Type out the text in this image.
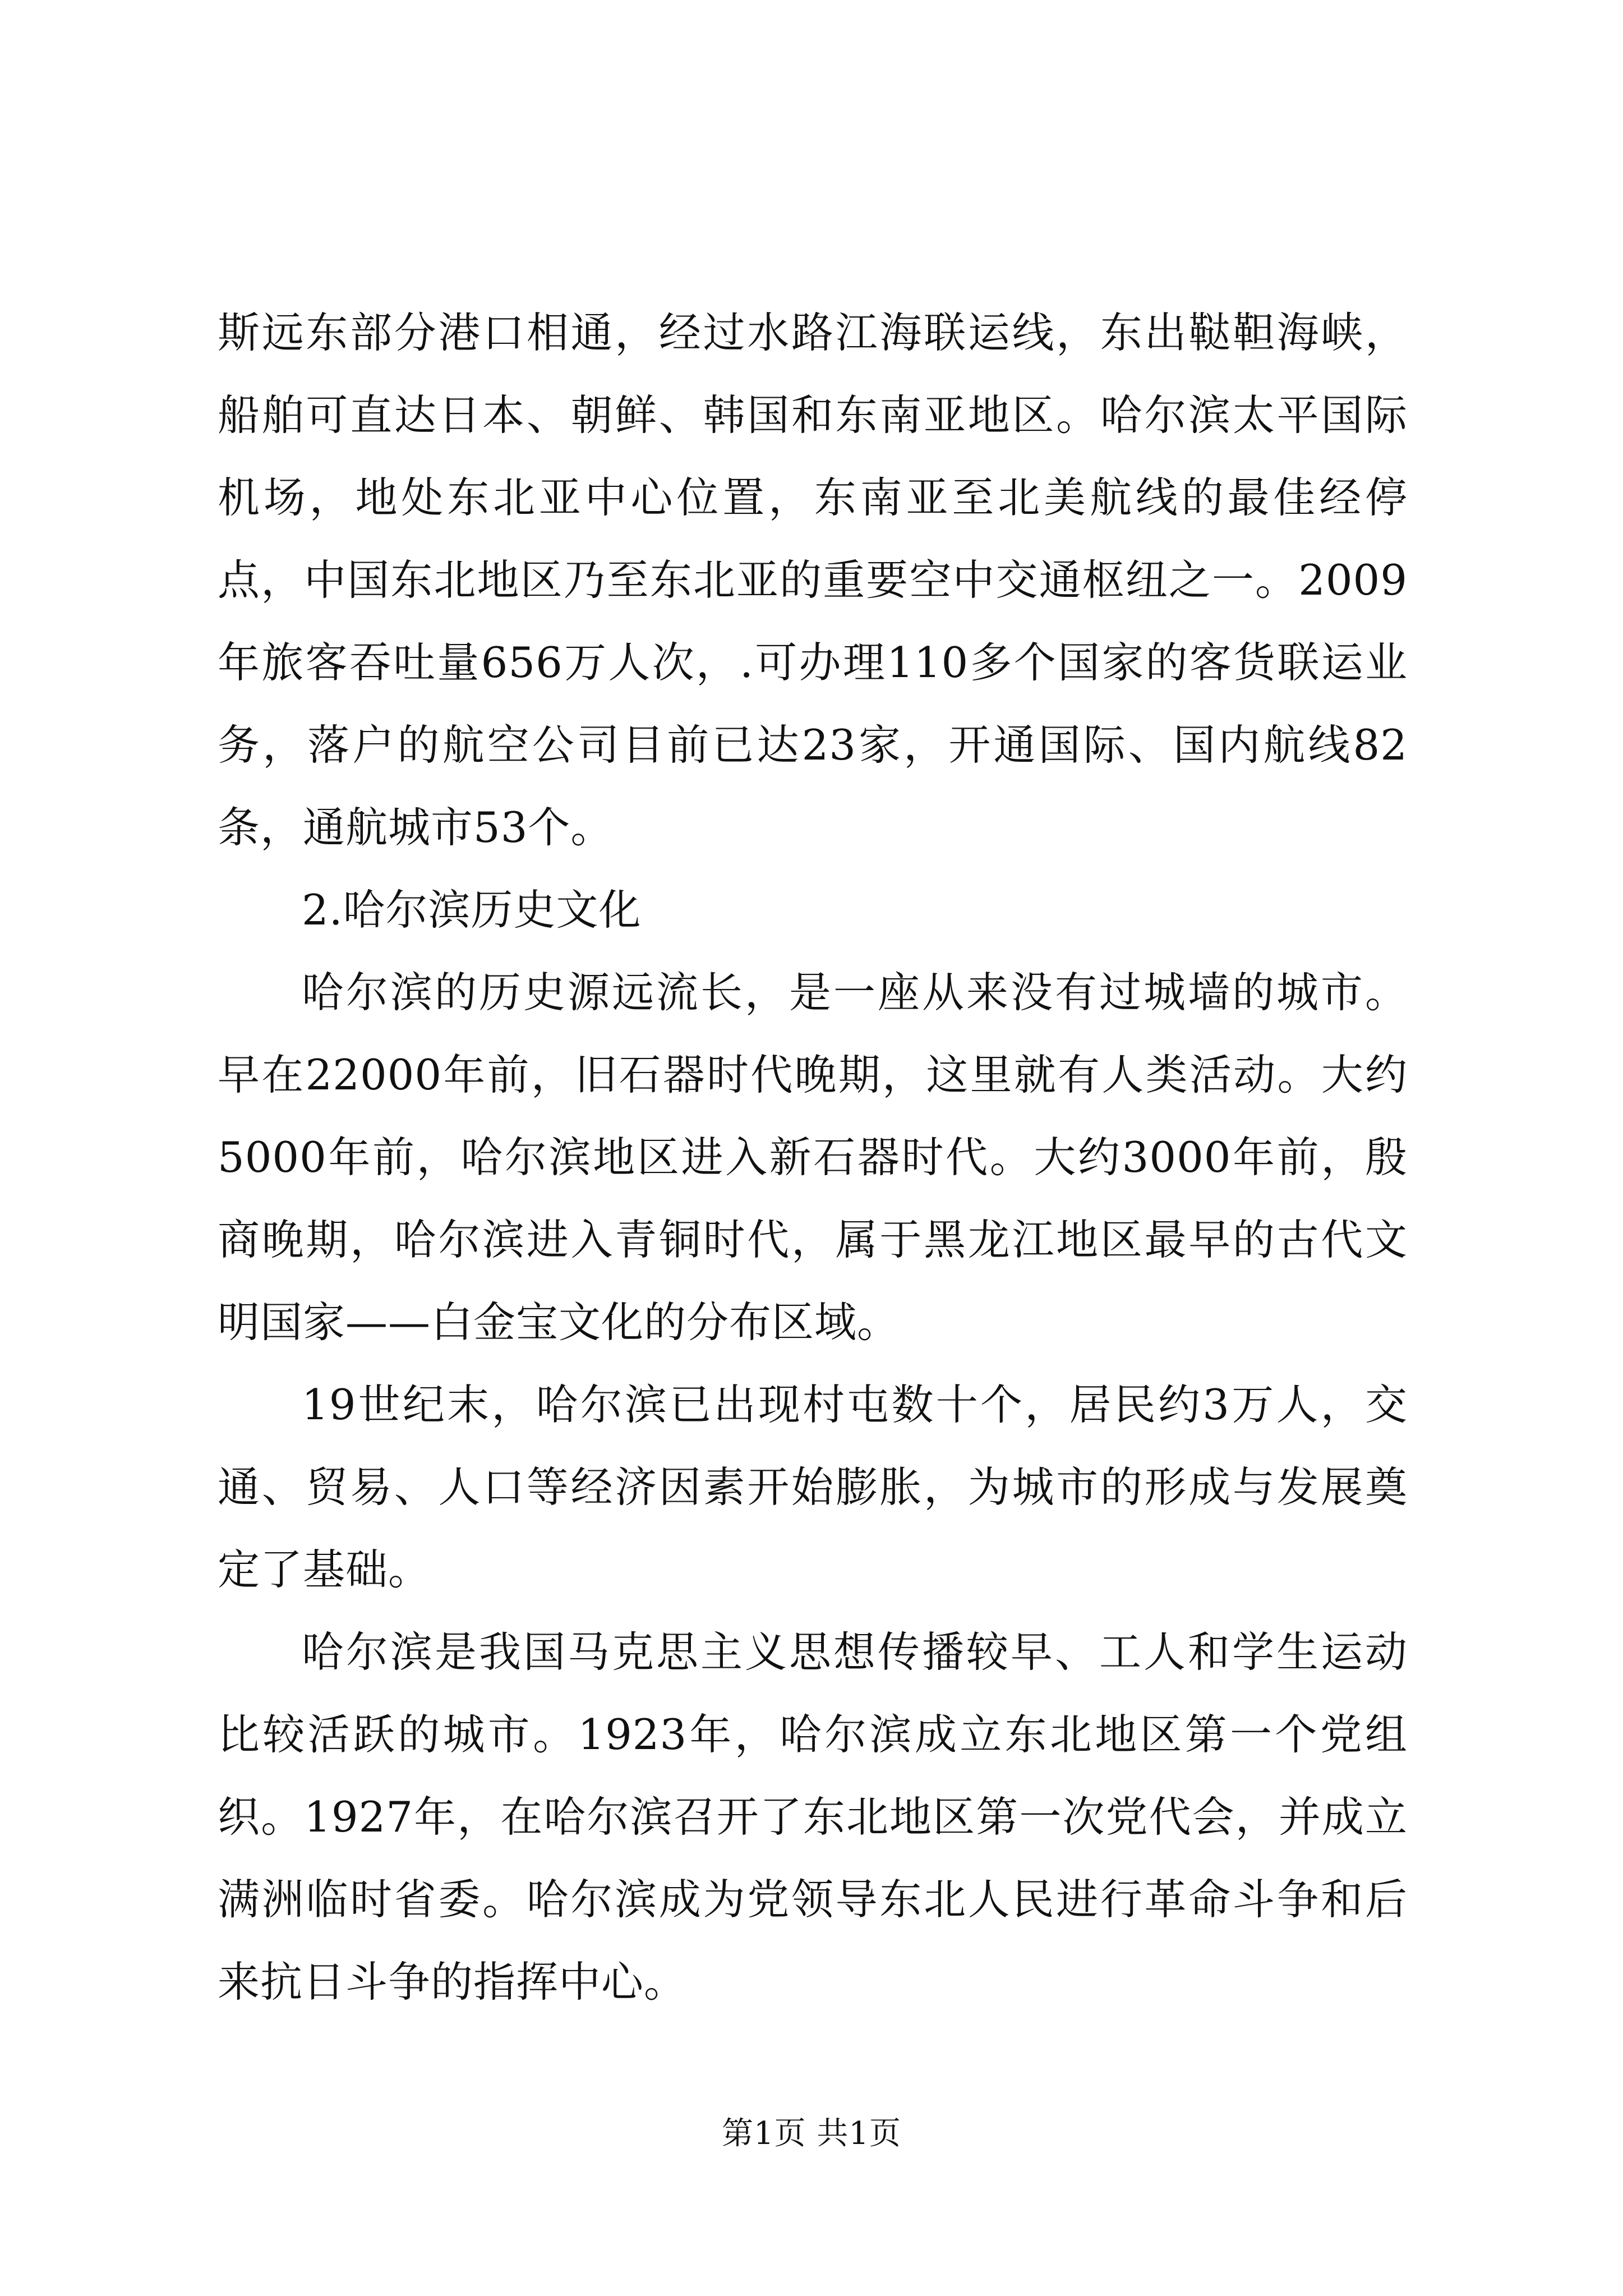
斯远东部分港口相通，经过水路江海联运线，东出鞑靼海峡，船舶可直达日本、朝鲜、韩国和东南亚地区。哈尔滨太平国际机场，地处东北亚中心位置，东南亚至北美航线的最佳经停点，中国东北地区乃至东北亚的重要空中交通枢纽之一。2009年旅客吞吐量656万人次，.可办理110多个国家的客货联运业务，落户的航空公司目前已达23家，开通国际、国内航线82条，通航城市53个。

2.哈尔滨历史文化

哈尔滨的历史源远流长，是一座从来没有过城墙的城市。早在22000年前，旧石器时代晚期，这里就有人类活动。大约5000年前，哈尔滨地区进入新石器时代。大约3000年前，殷商晚期，哈尔滨进入青铜时代，属于黑龙江地区最早的古代文明国家——白金宝文化的分布区域。

19世纪末，哈尔滨已出现村屯数十个，居民约3万人，交通、贸易、人口等经济因素开始膨胀，为城市的形成与发展奠定了基础。

哈尔滨是我国马克思主义思想传播较早、工人和学生运动比较活跃的城市。1923年，哈尔滨成立东北地区第一个党组织。1927年，在哈尔滨召开了东北地区第一次党代会，并成立满洲临时省委。哈尔滨成为党领导东北人民进行革命斗争和后来抗日斗争的指挥中心。

第1页 共1页
